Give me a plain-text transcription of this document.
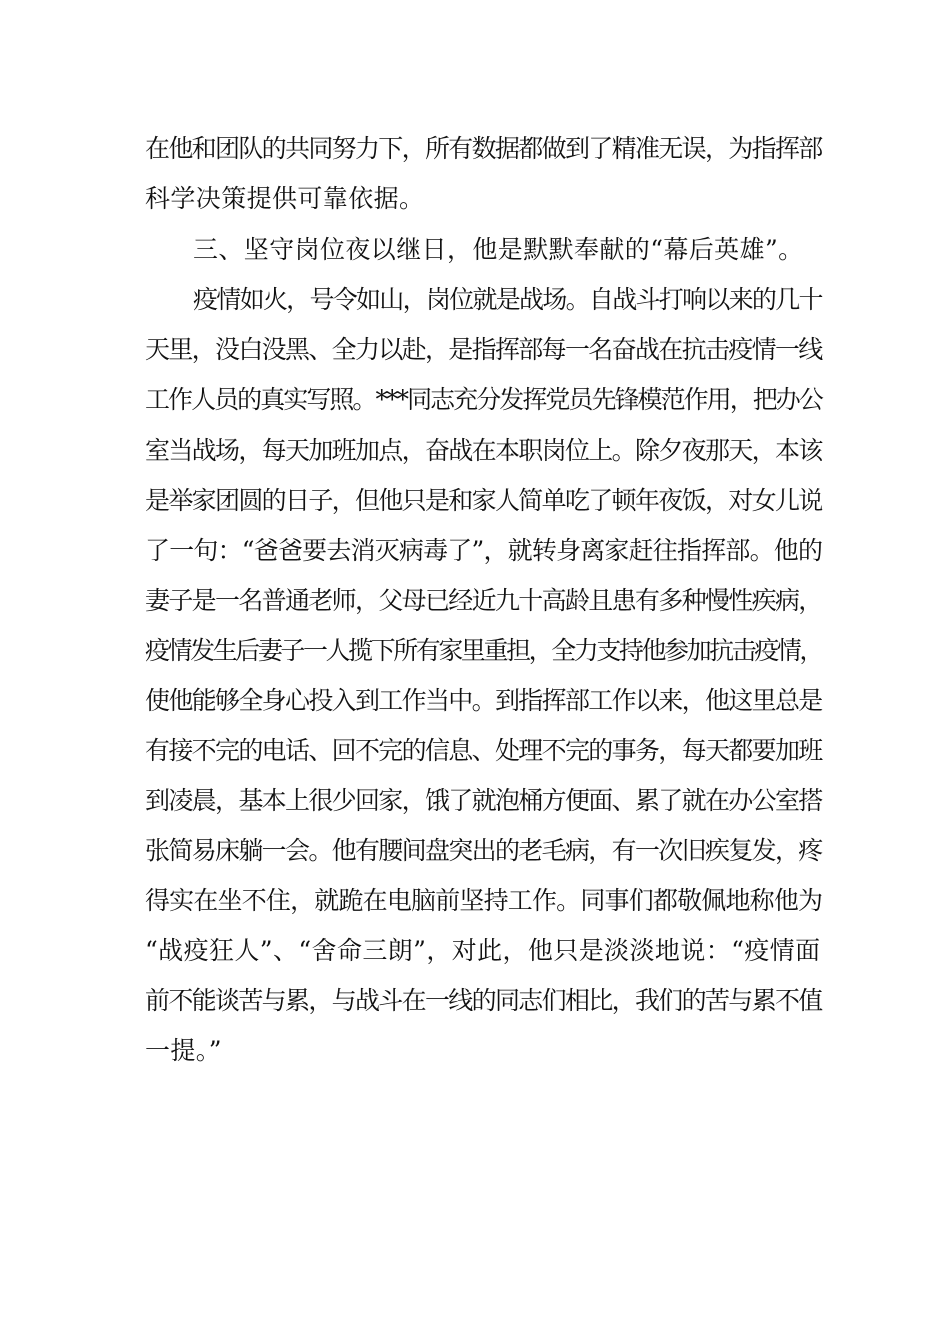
在他和团队的共同努力下，所有数据都做到了精准无误，为指挥部
科学决策提供可靠依据。
三、坚守岗位夜以继日，他是默默奉献的“幕后英雄”。
疫情如火，号令如山，岗位就是战场。自战斗打响以来的几十
天里，没白没黑、全力以赴，是指挥部每一名奋战在抗击疫情一线
工作人员的真实写照。***同志充分发挥党员先锋模范作用，把办公
室当战场，每天加班加点，奋战在本职岗位上。除夕夜那天，本该
是举家团圆的日子，但他只是和家人简单吃了顿年夜饭，对女儿说
了一句：“爸爸要去消灭病毒了”，就转身离家赶往指挥部。他的
妻子是一名普通老师，父母已经近九十高龄且患有多种慢性疾病，
疫情发生后妻子一人揽下所有家里重担，全力支持他参加抗击疫情，
使他能够全身心投入到工作当中。到指挥部工作以来，他这里总是
有接不完的电话、回不完的信息、处理不完的事务，每天都要加班
到凌晨，基本上很少回家，饿了就泡桶方便面、累了就在办公室搭
张简易床躺一会。他有腰间盘突出的老毛病，有一次旧疾复发，疼
得实在坐不住，就跪在电脑前坚持工作。同事们都敬佩地称他为
“战疫狂人”、“舍命三朗”，对此，他只是淡淡地说：“疫情面
前不能谈苦与累，与战斗在一线的同志们相比，我们的苦与累不值
一提。”
